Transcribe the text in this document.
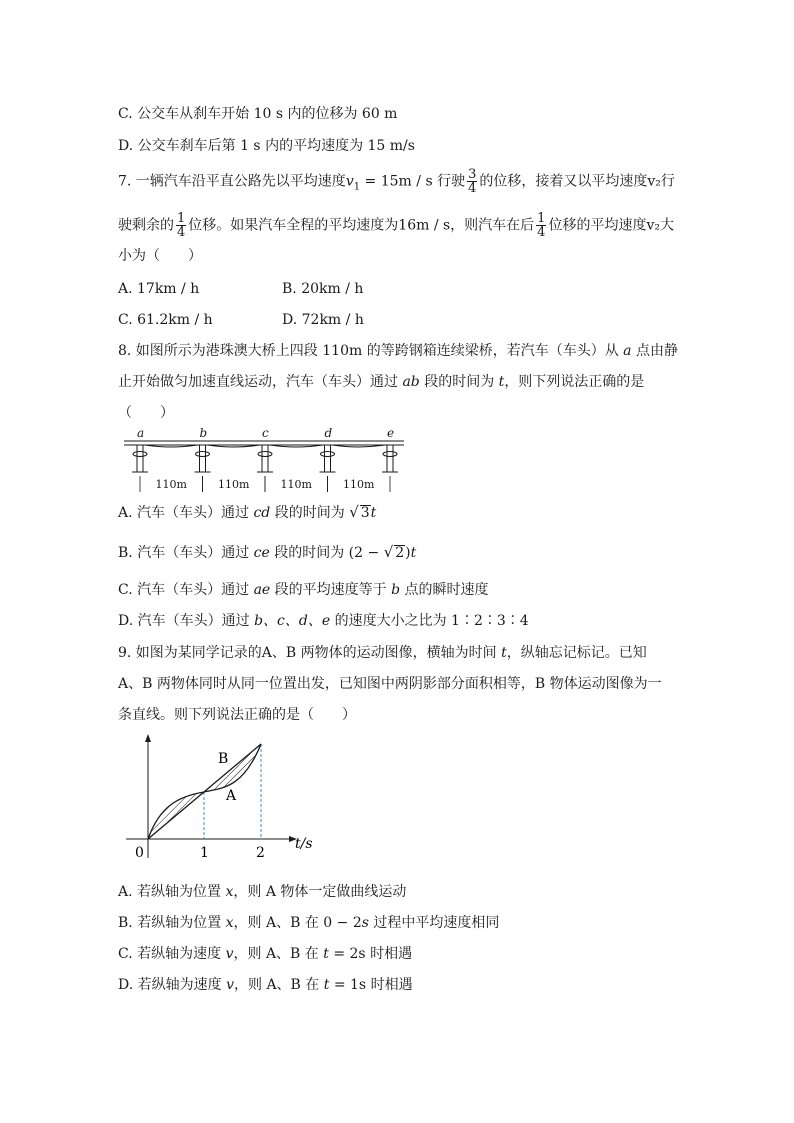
C. 公交车从刹车开始 10 s 内的位移为 60 m
D. 公交车刹车后第 1 s 内的平均速度为 15 m/s
7. 一辆汽车沿平直公路先以平均速度$v_1 = 15m / s$ 行驶 $\frac{3}{4}$ 的位移，接着又以平均速度v₂行
驶剩余的 $\frac{1}{4}$ 位移。如果汽车全程的平均速度为16m / s，则汽车在后 $\frac{1}{4}$ 位移的平均速度v₂大
小为（　　）
A. 17km / h	B. 20km / h
C. 61.2km / h	D. 72km / h
8. 如图所示为港珠澳大桥上四段 110m 的等跨钢箱连续梁桥，若汽车（车头）从 a 点由静
止开始做匀加速直线运动，汽车（车头）通过 ab 段的时间为 t，则下列说法正确的是
（　　）
a	b	c	d	e
110m	110m	110m	110m
A. 汽车（车头）通过 cd 段的时间为 √ 3t
B. 汽车（车头）通过 ce 段的时间为 (2 − √ 2)t
C. 汽车（车头）通过 ae 段的平均速度等于 b 点的瞬时速度
D. 汽车（车头）通过 b、c、d、e 的速度大小之比为 1∶2∶3∶4
9. 如图为某同学记录的A、B 两物体的运动图像，横轴为时间 t，纵轴忘记标记。已知
A、B 两物体同时从同一位置出发，已知图中两阴影部分面积相等，B 物体运动图像为一
条直线。则下列说法正确的是（　　）
B
A
0	1	2
t/s
A. 若纵轴为位置 x，则 A 物体一定做曲线运动
B. 若纵轴为位置 x，则 A、B 在 0 − 2s 过程中平均速度相同
C. 若纵轴为速度 v，则 A、B 在 t = 2s 时相遇
D. 若纵轴为速度 v，则 A、B 在 t = 1s 时相遇
